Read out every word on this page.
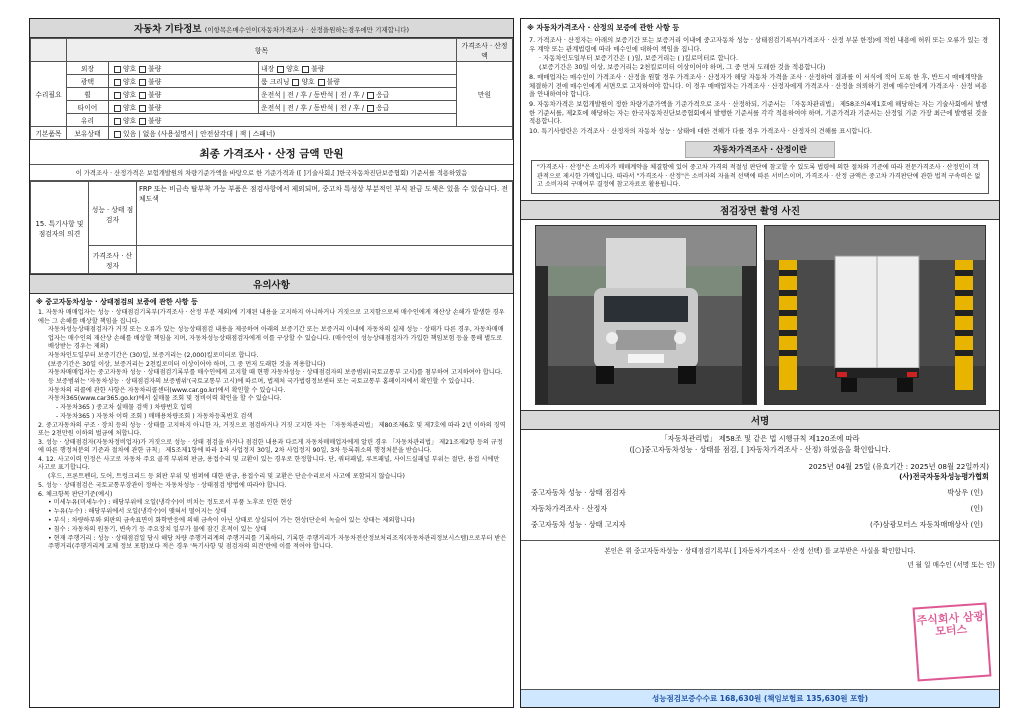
자동차 기타정보 (이항목은매수인이(자동차가격조사 · 산정을원하는경우에만 기재합니다)
	항목			가격조사 · 산정액
수리필요	외장	양호 불량	내장 양호 불량	만원
	광택	양호 불량	룸 크리닝 양호 불량	
	휠	양호 불량	운전석 | 전 / 후 / 동반석 | 전 / 후 / 응급	
	타이어	양호 불량	운전석 | 전 / 후 / 동반석 | 전 / 후 / 응급	
	유리	양호 불량		
기본품목	보유상태	있음 | 없음 (사용설명서 | 안전삼각대 | 잭 | 스패너)		
최종 가격조사 · 산정 금액 만원
이 가격조사 · 산정가격은 보험개발원의 차량기준가액을 바탕으로 한 기준가격과 ([ ]기술사회,[ ]한국자동차진단보증협회) 기준서를 적용하였음
15. 특기사항 및 점검자의 의견	성능 · 상태 점검자	FRP 또는 비금속 탈부착 가능 부품은 점검사항에서 제외되며, 중고차 특성상 부분적인 부식 판금 도색은 있을 수 있습니다. 전체도색
	가격조사 · 산정자	
유의사항
※ 중고자동차성능 · 상태점검의 보증에 관한 사항 등

1. 자동차 매매업자는 성능 · 상태점검기록부(가격조사 · 산정 부분 제외)에 기재된 내용을 고지하지 아니하거나 거짓으로 고지함으로써 매수인에게 재산상 손해가 발생한 경우에는 그 손해를 배상할 책임을 집니다.

자동차성능상태점검자가 거짓 또는 오류가 있는 성능상태점검 내용을 제공하여 아래의 보증기간 또는 보증거리 이내에 자동차의 실제 성능 · 상태가 다른 경우, 자동차매매업자는 매수인의 재산상 손해를 배상할 책임을 지며, 자동차성능상태점검자에게 이를 구상할 수 있습니다. (매수인이 성능상태점검자가 가입한 책임보험 등을 통해 별도로 배상받는 경우는 제외)

자동차인도일부터 보증기간은 (30)일, 보증거리는 (2,000)킬로미터로 합니다.

(보증기간은 30일 이상, 보증거리는 2천킬로미터 이상이어야 하며, 그 중 먼저 도래한 것을 적용합니다)

자동차매매업자는 중고자동차 성능 · 상태점검기록부를 매수인에게 고지할 때 현행 자동차성능 · 상태점검자의 보증범위(국토교통부 고시)를 첨부하여 고지하여야 합니다. 등 보증범위는 '자동차성능 · 상태점검자의 보증범위'(국토교통부 고시)에 따르며, 법제처 국가법령정보센터 또는 국토교통부 홈페이지에서 확인할 수 있습니다.

자동차의 리콜에 관한 사항은 자동차리콜센터(www.car.go.kr)에서 확인할 수 있습니다.

자동차365(www.car365.go.kr)에서 실매물 조회 및 정비이력 확인을 할 수 있습니다.

- 자동차365 ) 중고차 실매물 검색 ) 차량번호 입력

- 자동차365 ) 자동차 이력 조회 ) 매매용차량조회 ) 자동차등록번호 검색

2. 중고자동차의 구조 · 장치 등의 성능 · 상태를 고지하지 아니한 자, 거짓으로 점검하거나 거짓 고지한 자는 「자동차관리법」 제80조제6호 및 제7호에 따라 2년 이하의 징역 또는 2천만원 이하의 벌금에 처합니다.

3. 성능 · 상태점검자(자동차정비업자)가 거짓으로 성능 · 상태 점검을 하거나 점검한 내용과 다르게 자동차매매업자에게 알린 경우 「자동차관리법」 제21조제2항 등의 규정에 따른 행정처분의 기준과 절차에 관한 규칙」 제5조제1항에 따라 1차 사업정지 30일, 2차 사업정지 90일, 3차 등록취소의 행정처분을 받습니다.

4. 12. 사고이력 인정은 사고로 자동차 주요 골격 부위의 판금, 용접수리 및 교환이 있는 경우로 한정합니다. 단, 쿼터패널, 루프패널, 사이드실패널 부위는 절단, 용접 시에만 사고로 표기합니다.

(후드, 프론트펜더, 도어, 트렁크리드 등 외판 부위 및 범퍼에 대한 판금, 용접수리 및 교환은 단순수리로서 사고에 포함되지 않습니다)

5. 성능 · 상태점검은 국토교통부장관이 정하는 자동차성능 · 상태점검 방법에 따라야 합니다.

6. 체크항목 판단기준(예시)

• 미세누유(미세누수) : 해당부위에 오일(냉각수)이 비치는 정도로서 부품 노후로 인한 현상

• 누유(누수) : 해당부위에서 오일(냉각수)이 맺혀서 떨어지는 상태

• 부식 : 차량하부와 외판의 금속표면이 화학반응에 의해 금속이 아닌 상태로 상실되어 가는 현상(단순히 녹슬어 있는 상태는 제외합니다)

• 침수 : 자동차의 원동기, 변속기 등 주요장치 일부가 물에 잠긴 흔적이 있는 상태

• 현재 주행거리 : 성능 · 상태점검일 당시 해당 차량 주행거리계의 주행거리를 기록하되, 기록한 주행거리가 자동차전산정보처리조직(자동차관리정보시스템)으로부터 받은 주행거리(주행거리계 교체 정보 포함)보다 적은 경우 '특기사항 및 점검자의 의견'란에 이를 적어야 합니다.

※ 자동차가격조사 · 산정의 보증에 관한 사항 등

7. 가격조사 · 산정자는 아래의 보증기간 또는 보증거리 이내에 중고자동차 성능 · 상태점검기록부(가격조사 · 산정 부분 한정)에 적힌 내용에 허위 또는 오류가 있는 경우 계약 또는 관계법령에 따라 매수인에 대하여 책임을 집니다.

· 자동차인도일부터 보증기간은 ( )일, 보증거리는 ( )킬로미터로 합니다.

(보증기간은 30일 이상, 보증거리는 2천킬로미터 이상이어야 하며, 그 중 먼저 도래한 것을 적용합니다)

8. 매매업자는 매수인이 가격조사 · 산정을 원할 경우 가격조사 · 산정자가 해당 자동차 가격을 조사 · 산정하여 결과를 이 서식에 적어 도록 한 후, 반드시 매매계약을 체결하기 전에 매수인에게 서면으로 고지하여야 합니다. 이 경우 매매업자는 가격조사 · 산정자에게 가격조사 · 산정을 의뢰하기 전에 매수인에게 가격조사 · 산정 비용을 안내하여야 합니다.

9. 자동차가격은 보험개발원이 정한 차량기준가액을 기준가격으로 조사 · 산정하되, 기준서는 「자동차관리법」 제58조의4제1호에 해당하는 자는 기술사회에서 발행한 기준서를, 제2호에 해당하는 자는 한국자동차진단보증협회에서 발행한 기준서를 각각 적용하여야 하며, 기준가격과 기준서는 산정일 기준 가장 최근에 발행된 것을 적용합니다.

10. 특기사항란은 가격조사 · 산정자의 자동차 성능 · 상태에 대한 견해가 다를 경우 가격조사 · 산정자의 견해를 표시합니다.

자동차가격조사 · 산정이란
"가격조사 · 산정"은 소비자가 매매계약을 체결함에 있어 중고차 가격의 적절성 판단에 참고할 수 있도록 법령에 의한 절차와 기준에 따라 전문가격조사 · 산정인이 객관적으로 제시한 가액입니다. 따라서 "가격조사 · 산정"은 소비자의 자율적 선택에 따른 서비스이며, 가격조사 · 산정 금액은 중고차 가격판단에 관한 법적 구속력은 없고 소비자의 구매여부 결정에 참고자료로 활용됩니다.
점검장면 촬영 사진
서명
「자동차관리법」 제58조 및 같은 법 시행규칙 제120조에 따라
([○]중고자동차성능 · 상태를 점검, [ ]자동차가격조사 · 산정) 하였음을 확인합니다.
2025년 04월 25일 (유효기간 : 2025년 08월 22일까지)
(사)전국자동차성능평가협회
중고자동차 성능 · 상태 점검자	박상우 (인)
자동차가격조사 · 산정자	(인)
중고자동차 성능 · 상태 고지자	(주)삼광모터스 자동차매매상사 (인)
본인은 위 중고자동차성능 · 상태점검기록부( [ ]자동차가격조사 · 산정 선택) 를 교부받은 사실을 확인합니다.
년 월 일 매수인 (서명 또는 인)
주식회사 삼광모터스
성능점검보증수수료 168,630원 (책임보험료 135,630원 포함)
